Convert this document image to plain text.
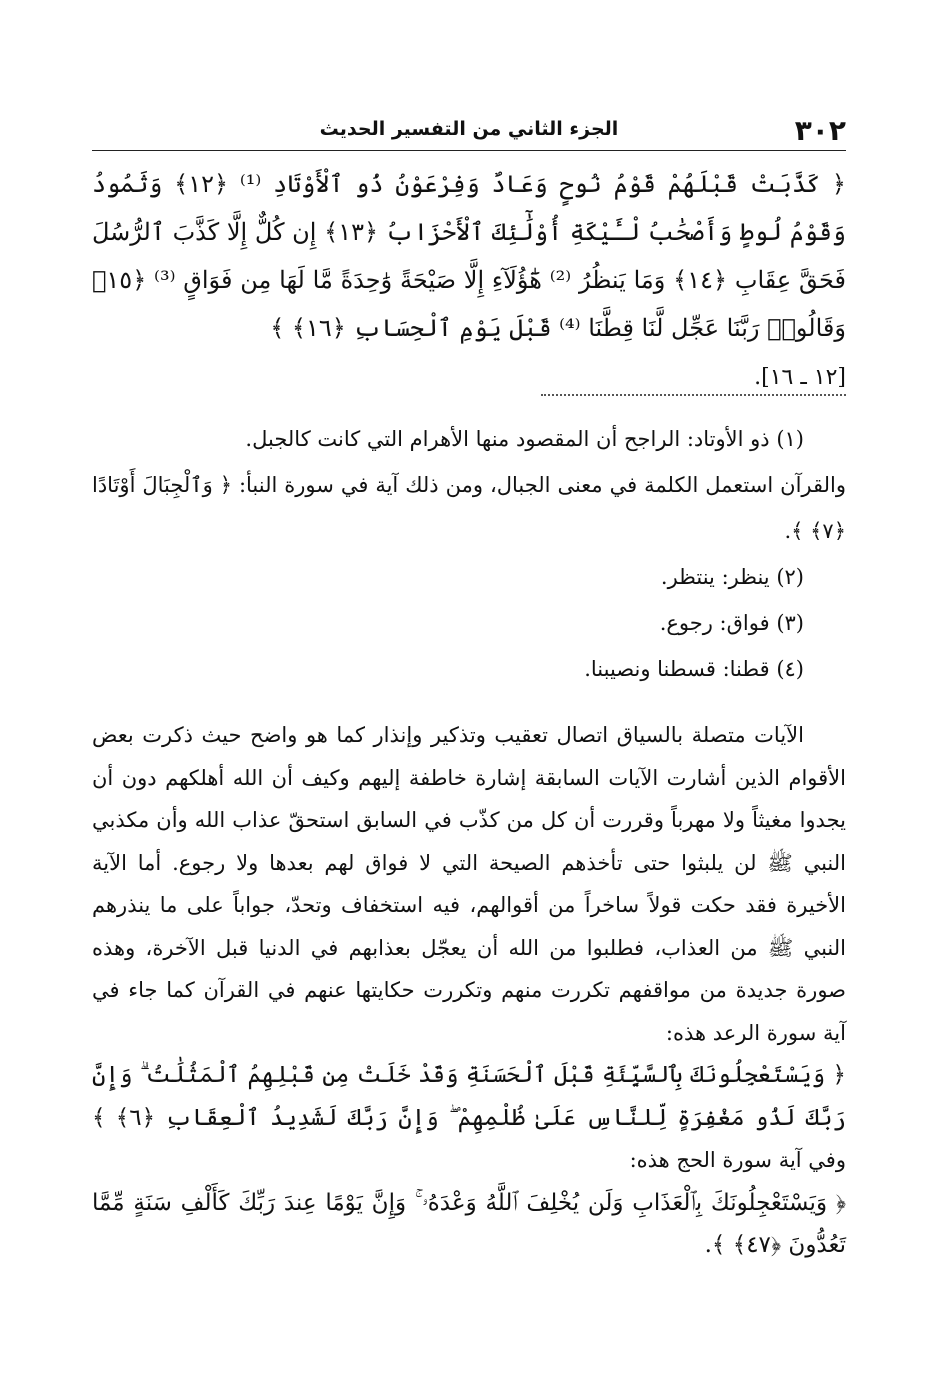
٣٠٢
الجزء الثاني من التفسير الحديث
﴿ كَذَّبَتْ قَبْلَهُمْ قَوْمُ نُوحٍ وَعَادٌ وَفِرْعَوْنُ ذُو ٱلْأَوْتَادِ ⁽¹⁾ ﴿١٢﴾ وَثَمُودُ وَقَوْمُ لُوطٍ وَأَصْحَٰبُ لْـَٔيْكَةِ أُوْلَٰٓئِكَ ٱلْأَحْزَابُ ﴿١٣﴾ إِن كُلٌّ إِلَّا كَذَّبَ ٱلرُّسُلَ فَحَقَّ عِقَابِ ﴿١٤﴾ وَمَا يَنظُرُ ⁽²⁾ هَٰٓؤُلَآءِ إِلَّا صَيْحَةً وَٰحِدَةً مَّا لَهَا مِن فَوَاقٍ ⁽³⁾ ﴿١٥﴾ وَقَالُوا۟ رَبَّنَا عَجِّل لَّنَا قِطَّنَا ⁽⁴⁾ قَبْلَ يَوْمِ ٱلْحِسَابِ ﴿١٦﴾ ﴾
[١٢ ـ ١٦].

(١) ذو الأوتاد: الراجح أن المقصود منها الأهرام التي كانت كالجبل.

والقرآن استعمل الكلمة في معنى الجبال، ومن ذلك آية في سورة النبأ: ﴿ وَٱلْجِبَالَ أَوْتَادًا ﴿٧﴾ ﴾.

(٢) ينظر: ينتظر.

(٣) فواق: رجوع.

(٤) قطنا: قسطنا ونصيبنا.

الآيات متصلة بالسياق اتصال تعقيب وتذكير وإنذار كما هو واضح حيث ذكرت بعض الأقوام الذين أشارت الآيات السابقة إشارة خاطفة إليهم وكيف أن الله أهلكهم دون أن يجدوا مغيثاً ولا مهرباً وقررت أن كل من كذّب في السابق استحقّ عذاب الله وأن مكذبي النبي ﷺ لن يلبثوا حتى تأخذهم الصيحة التي لا فواق لهم بعدها ولا رجوع. أما الآية الأخيرة فقد حكت قولاً ساخراً من أقوالهم، فيه استخفاف وتحدّ، جواباً على ما ينذرهم النبي ﷺ من العذاب، فطلبوا من الله أن يعجّل بعذابهم في الدنيا قبل الآخرة، وهذه صورة جديدة من مواقفهم تكررت منهم وتكررت حكايتها عنهم في القرآن كما جاء في آية سورة الرعد هذه:

﴿ وَيَسْتَعْجِلُونَكَ بِٱلسَّيِّئَةِ قَبْلَ ٱلْحَسَنَةِ وَقَدْ خَلَتْ مِن قَبْلِهِمُ ٱلْمَثُلَٰتُ ۗ وَإِنَّ رَبَّكَ لَذُو مَغْفِرَةٍ لِّلنَّاسِ عَلَىٰ ظُلْمِهِمْ ۖ وَإِنَّ رَبَّكَ لَشَدِيدُ ٱلْعِقَابِ ﴿٦﴾ ﴾ وفي آية سورة الحج هذه:

﴿ وَيَسْتَعْجِلُونَكَ بِٱلْعَذَابِ وَلَن يُخْلِفَ ٱللَّهُ وَعْدَهُۥ ۚ وَإِنَّ يَوْمًا عِندَ رَبِّكَ كَأَلْفِ سَنَةٍ مِّمَّا تَعُدُّونَ ﴿٤٧﴾ ﴾.
